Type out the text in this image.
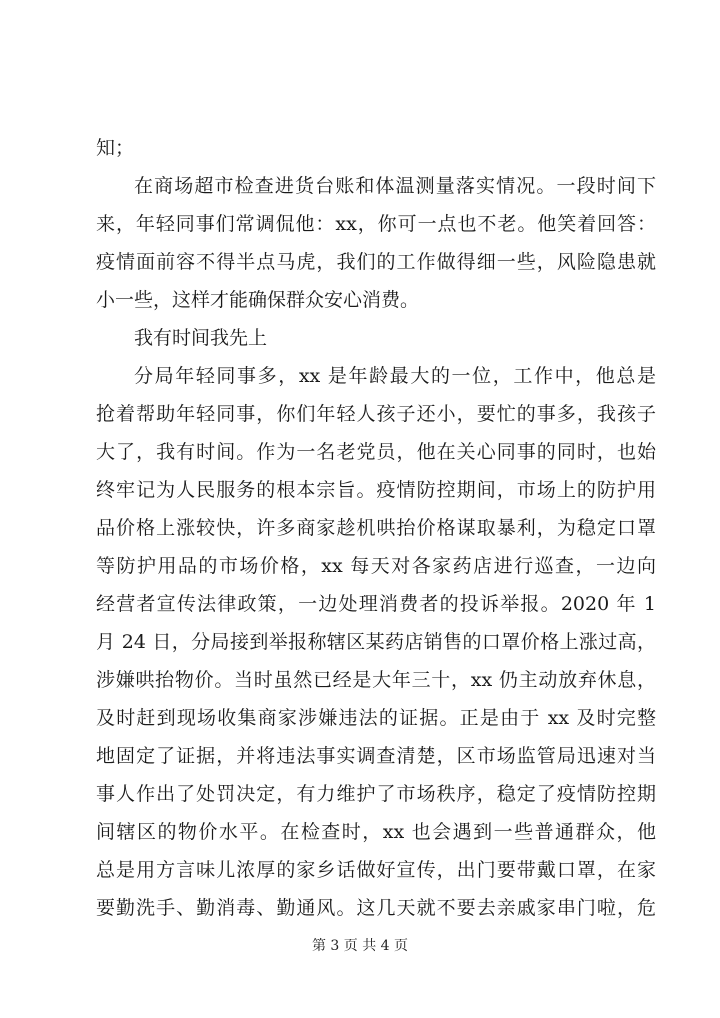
知；
在商场超市检查进货台账和体温测量落实情况。一段时间下
来，年轻同事们常调侃他：xx，你可一点也不老。他笑着回答：
疫情面前容不得半点马虎，我们的工作做得细一些，风险隐患就
小一些，这样才能确保群众安心消费。
我有时间我先上
分局年轻同事多，xx 是年龄最大的一位，工作中，他总是
抢着帮助年轻同事，你们年轻人孩子还小，要忙的事多，我孩子
大了，我有时间。作为一名老党员，他在关心同事的同时，也始
终牢记为人民服务的根本宗旨。疫情防控期间，市场上的防护用
品价格上涨较快，许多商家趁机哄抬价格谋取暴利，为稳定口罩
等防护用品的市场价格，xx 每天对各家药店进行巡查，一边向
经营者宣传法律政策，一边处理消费者的投诉举报。2020 年 1
月 24 日，分局接到举报称辖区某药店销售的口罩价格上涨过高，
涉嫌哄抬物价。当时虽然已经是大年三十，xx 仍主动放弃休息，
及时赶到现场收集商家涉嫌违法的证据。正是由于 xx 及时完整
地固定了证据，并将违法事实调查清楚，区市场监管局迅速对当
事人作出了处罚决定，有力维护了市场秩序，稳定了疫情防控期
间辖区的物价水平。在检查时，xx 也会遇到一些普通群众，他
总是用方言味儿浓厚的家乡话做好宣传，出门要带戴口罩，在家
要勤洗手、勤消毒、勤通风。这几天就不要去亲戚家串门啦，危
第 3 页 共 4 页
